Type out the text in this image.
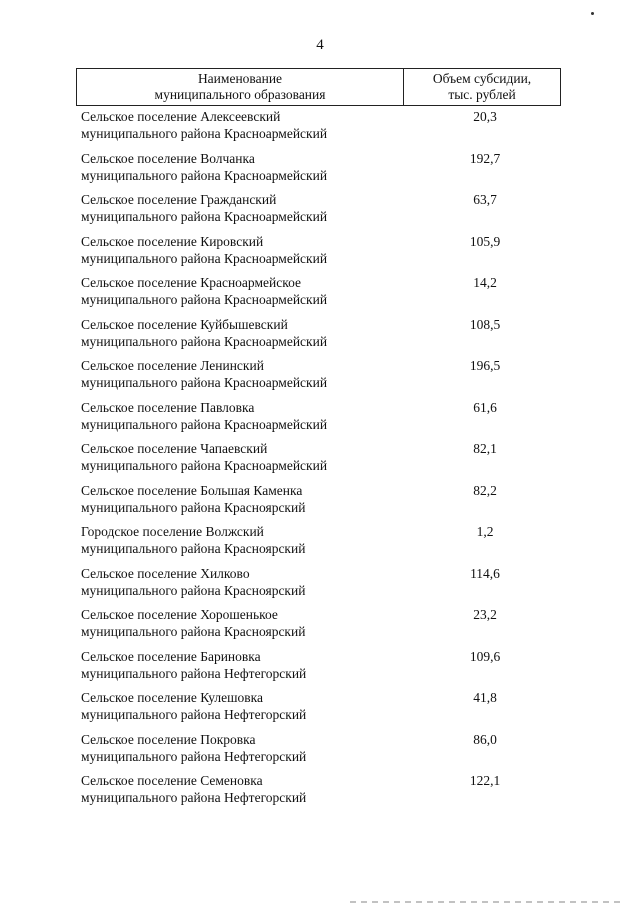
4
Наименование
муниципального образования

Объем субсидии,
тыс. рублей
Сельское поселение Алексеевский
муниципального района Красноармейский
20,3
Сельское поселение Волчанка
муниципального района Красноармейский
192,7
Сельское поселение Гражданский
муниципального района Красноармейский
63,7
Сельское поселение Кировский
муниципального района Красноармейский
105,9
Сельское поселение Красноармейское
муниципального района Красноармейский
14,2
Сельское поселение Куйбышевский
муниципального района Красноармейский
108,5
Сельское поселение Ленинский
муниципального района Красноармейский
196,5
Сельское поселение Павловка
муниципального района Красноармейский
61,6
Сельское поселение Чапаевский
муниципального района Красноармейский
82,1
Сельское поселение Большая Каменка
муниципального района Красноярский
82,2
Городское поселение Волжский
муниципального района Красноярский
1,2
Сельское поселение Хилково
муниципального района Красноярский
114,6
Сельское поселение Хорошенькое
муниципального района Красноярский
23,2
Сельское поселение Бариновка
муниципального района Нефтегорский
109,6
Сельское поселение Кулешовка
муниципального района Нефтегорский
41,8
Сельское поселение Покровка
муниципального района Нефтегорский
86,0
Сельское поселение Семеновка
муниципального района Нефтегорский
122,1
